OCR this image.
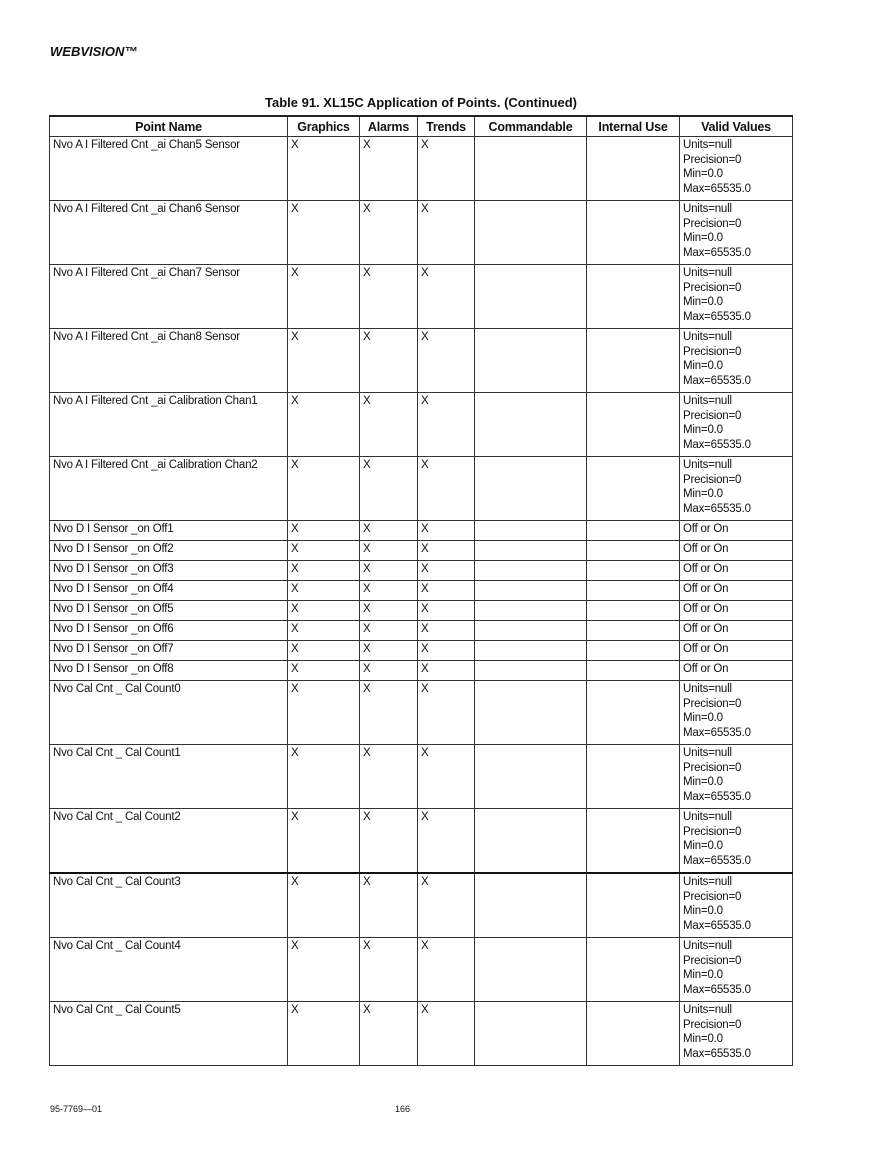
WEBVISION™
Table 91. XL15C Application of Points. (Continued)
Point Name	Graphics	Alarms	Trends	Commandable	Internal Use	Valid Values
Nvo A I Filtered Cnt _ai Chan5 Sensor	X	X	X			Units=null
Precision=0
Min=0.0
Max=65535.0

Nvo A I Filtered Cnt _ai Chan6 Sensor	X	X	X			Units=null
Precision=0
Min=0.0
Max=65535.0

Nvo A I Filtered Cnt _ai Chan7 Sensor	X	X	X			Units=null
Precision=0
Min=0.0
Max=65535.0

Nvo A I Filtered Cnt _ai Chan8 Sensor	X	X	X			Units=null
Precision=0
Min=0.0
Max=65535.0

Nvo A I Filtered Cnt _ai Calibration Chan1	X	X	X			Units=null
Precision=0
Min=0.0
Max=65535.0

Nvo A I Filtered Cnt _ai Calibration Chan2	X	X	X			Units=null
Precision=0
Min=0.0
Max=65535.0

Nvo D I Sensor _on Off1	X	X	X			Off or On

Nvo D I Sensor _on Off2	X	X	X			Off or On

Nvo D I Sensor _on Off3	X	X	X			Off or On

Nvo D I Sensor _on Off4	X	X	X			Off or On

Nvo D I Sensor _on Off5	X	X	X			Off or On

Nvo D I Sensor _on Off6	X	X	X			Off or On

Nvo D I Sensor _on Off7	X	X	X			Off or On

Nvo D I Sensor _on Off8	X	X	X			Off or On

Nvo Cal Cnt _ Cal Count0	X	X	X			Units=null
Precision=0
Min=0.0
Max=65535.0

Nvo Cal Cnt _ Cal Count1	X	X	X			Units=null
Precision=0
Min=0.0
Max=65535.0

Nvo Cal Cnt _ Cal Count2	X	X	X			Units=null
Precision=0
Min=0.0
Max=65535.0

Nvo Cal Cnt _ Cal Count3	X	X	X			Units=null
Precision=0
Min=0.0
Max=65535.0

Nvo Cal Cnt _ Cal Count4	X	X	X			Units=null
Precision=0
Min=0.0
Max=65535.0

Nvo Cal Cnt _ Cal Count5	X	X	X			Units=null
Precision=0
Min=0.0
Max=65535.0
95-7769—01	166
